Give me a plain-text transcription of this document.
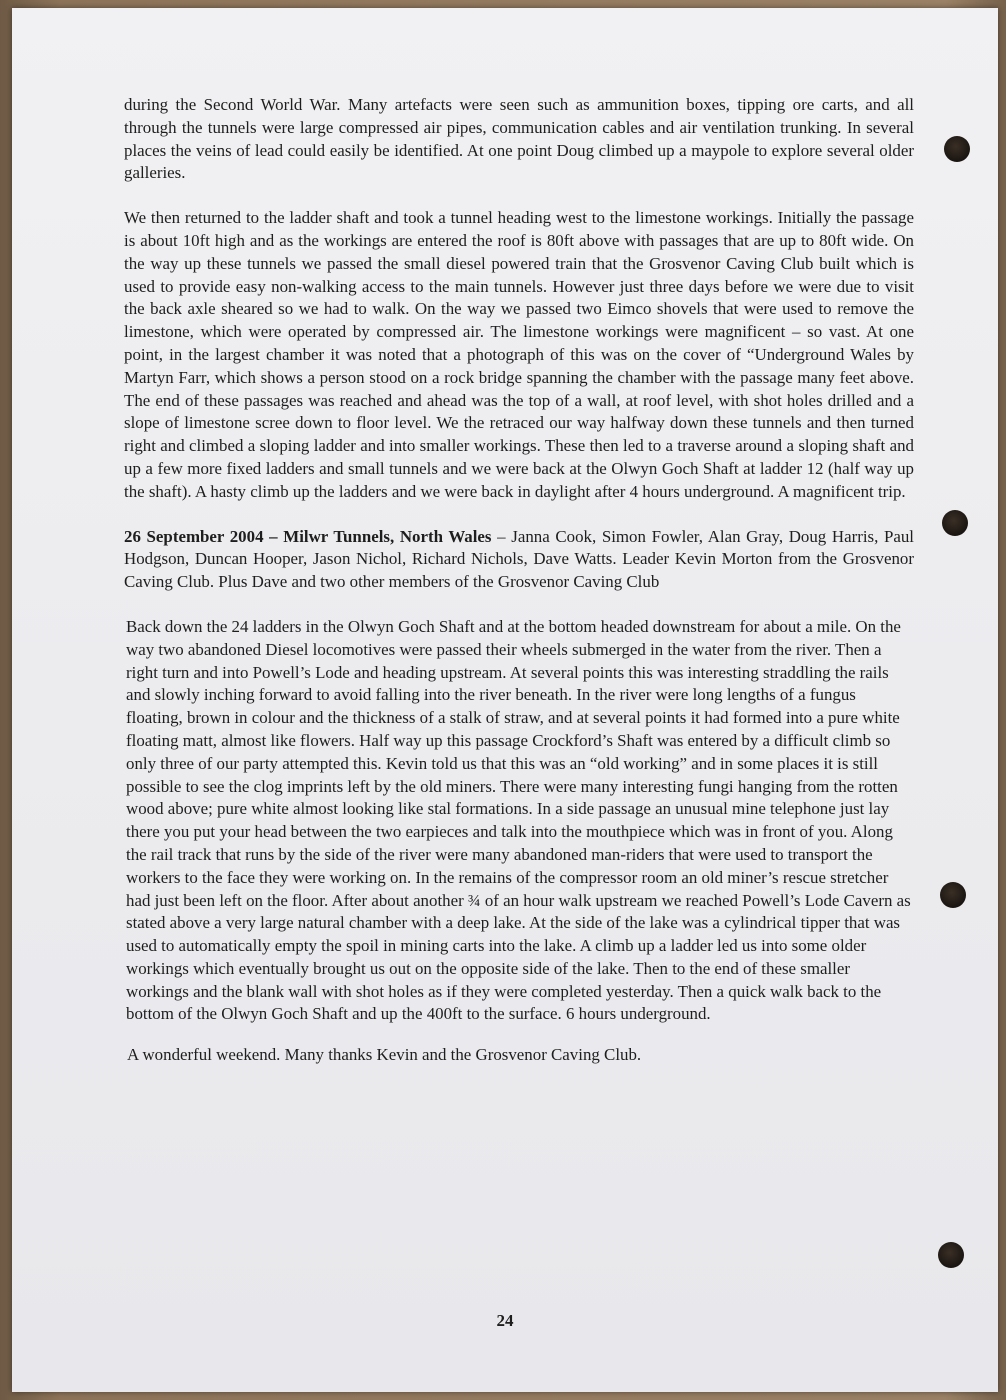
during the Second World War. Many artefacts were seen such as ammunition boxes, tipping ore carts, and all through the tunnels were large compressed air pipes, communication cables and air ventilation trunking. In several places the veins of lead could easily be identified. At one point Doug climbed up a maypole to explore several older galleries.

We then returned to the ladder shaft and took a tunnel heading west to the limestone workings. Initially the passage is about 10ft high and as the workings are entered the roof is 80ft above with passages that are up to 80ft wide. On the way up these tunnels we passed the small diesel powered train that the Grosvenor Caving Club built which is used to provide easy non-walking access to the main tunnels. However just three days before we were due to visit the back axle sheared so we had to walk. On the way we passed two Eimco shovels that were used to remove the limestone, which were operated by compressed air. The limestone workings were magnificent – so vast. At one point, in the largest chamber it was noted that a photograph of this was on the cover of “Underground Wales by Martyn Farr, which shows a person stood on a rock bridge spanning the chamber with the passage many feet above. The end of these passages was reached and ahead was the top of a wall, at roof level, with shot holes drilled and a slope of limestone scree down to floor level. We the retraced our way halfway down these tunnels and then turned right and climbed a sloping ladder and into smaller workings. These then led to a traverse around a sloping shaft and up a few more fixed ladders and small tunnels and we were back at the Olwyn Goch Shaft at ladder 12 (half way up the shaft). A hasty climb up the ladders and we were back in daylight after 4 hours underground. A magnificent trip.

26 September 2004 – Milwr Tunnels, North Wales – Janna Cook, Simon Fowler, Alan Gray, Doug Harris, Paul Hodgson, Duncan Hooper, Jason Nichol, Richard Nichols, Dave Watts. Leader Kevin Morton from the Grosvenor Caving Club. Plus Dave and two other members of the Grosvenor Caving Club

Back down the 24 ladders in the Olwyn Goch Shaft and at the bottom headed downstream for about a mile. On the way two abandoned Diesel locomotives were passed their wheels submerged in the water from the river. Then a right turn and into Powell’s Lode and heading upstream. At several points this was interesting straddling the rails and slowly inching forward to avoid falling into the river beneath. In the river were long lengths of a fungus floating, brown in colour and the thickness of a stalk of straw, and at several points it had formed into a pure white floating matt, almost like flowers. Half way up this passage Crockford’s Shaft was entered by a difficult climb so only three of our party attempted this. Kevin told us that this was an “old working” and in some places it is still possible to see the clog imprints left by the old miners. There were many interesting fungi hanging from the rotten wood above; pure white almost looking like stal formations. In a side passage an unusual mine telephone just lay there you put your head between the two earpieces and talk into the mouthpiece which was in front of you. Along the rail track that runs by the side of the river were many abandoned man-riders that were used to transport the workers to the face they were working on. In the remains of the compressor room an old miner’s rescue stretcher had just been left on the floor. After about another ¾ of an hour walk upstream we reached Powell’s Lode Cavern as stated above a very large natural chamber with a deep lake. At the side of the lake was a cylindrical tipper that was used to automatically empty the spoil in mining carts into the lake. A climb up a ladder led us into some older workings which eventually brought us out on the opposite side of the lake. Then to the end of these smaller workings and the blank wall with shot holes as if they were completed yesterday. Then a quick walk back to the bottom of the Olwyn Goch Shaft and up the 400ft to the surface. 6 hours underground.

A wonderful weekend. Many thanks Kevin and the Grosvenor Caving Club.

24
